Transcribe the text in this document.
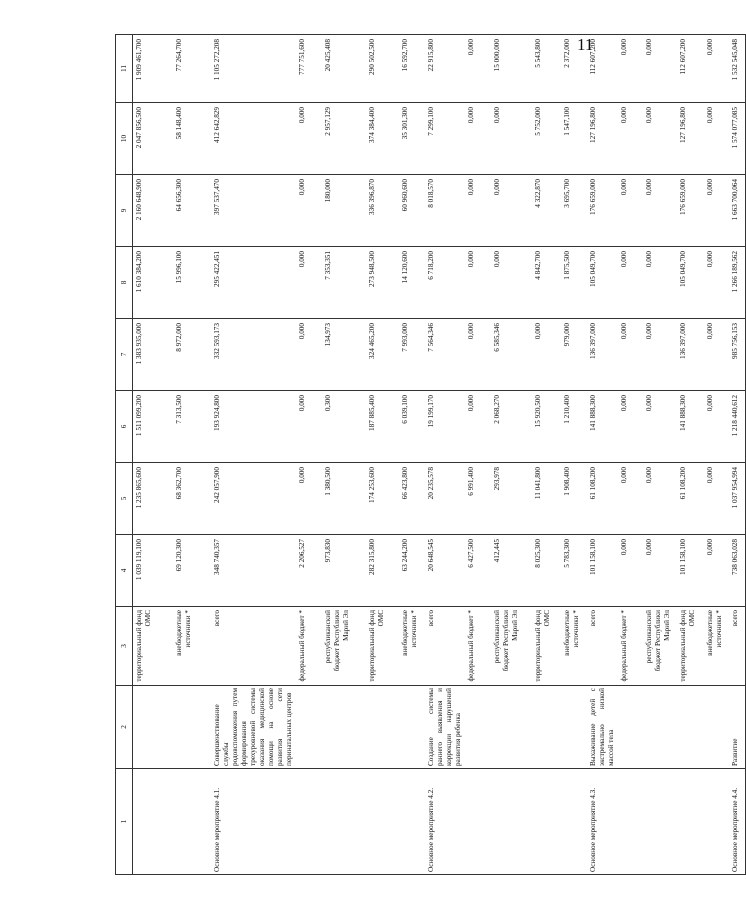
11
1	2	3	4	5	6	7	8	9	10	11
		территориальный фонд ОМС	1 039 119,100	1 235 865,600	1 511 099,200	1 383 935,000	1 610 384,200	2 160 648,900	2 047 856,500	1 909 461,700
		внебюджетные источники *	69 120,300	68 362,700	7 313,500	8 972,000	15 996,100	64 656,300	58 148,400	77 264,700
Основное мероприятие 4.1.	Совершенствование службы родовспоможения путем формирования трехуровневой системы оказания медицинской помощи на основе развития сети перинатальных центров	всего	348 740,357	242 057,900	193 924,800	332 593,173	295 422,451	397 537,470	412 642,829	1 105 272,208
		федеральный бюджет *	2 206,527	0,000	0,000	0,000	0,000	0,000	0,000	777 751,600
		республиканский бюджет Республики Марий Эл	973,830	1 380,500	0,300	134,973	7 353,351	180,000	2 957,129	20 425,408
		территориальный фонд ОМС	282 315,800	174 253,600	187 885,400	324 465,200	273 948,500	336 396,870	374 384,400	290 502,500
		внебюджетные источники *	63 244,200	66 423,800	6 039,100	7 993,000	14 120,600	60 960,600	35 301,300	16 592,700
Основное мероприятие 4.2.	Создание системы раннего выявления и коррекции нарушений развития ребенка	всего	20 648,545	20 235,578	19 199,170	7 564,346	6 718,200	8 018,570	7 299,100	22 915,800
		федеральный бюджет *	6 427,500	6 991,400	0,000	0,000	0,000	0,000	0,000	0,000
		республиканский бюджет Республики Марий Эл	412,445	293,978	2 068,270	6 585,346	0,000	0,000	0,000	15 000,000
		территориальный фонд ОМС	8 025,300	11 041,800	15 920,500	0,000	4 842,700	4 322,870	5 752,000	5 543,800
		внебюджетные источники *	5 783,300	1 908,400	1 210,400	979,000	1 875,500	3 695,700	1 547,100	2 372,000
Основное мероприятие 4.3.	Выхаживание детей с экстремально низкой массой тела	всего	101 158,100	61 108,200	141 888,300	136 397,000	105 049,700	176 659,000	127 196,800	112 607,200
		федеральный бюджет *	0,000	0,000	0,000	0,000	0,000	0,000	0,000	0,000
		республиканский бюджет Республики Марий Эл	0,000	0,000	0,000	0,000	0,000	0,000	0,000	0,000
		территориальный фонд ОМС	101 158,100	61 108,200	141 888,300	136 397,000	105 049,700	176 659,000	127 196,800	112 607,200
		внебюджетные источники *	0,000	0,000	0,000	0,000	0,000	0,000	0,000	0,000
Основное мероприятие 4.4.	Развитие	всего	738 063,028	1 037 954,994	1 218 440,612	985 756,153	1 266 189,562	1 663 700,064	1 574 077,085	1 532 545,048
